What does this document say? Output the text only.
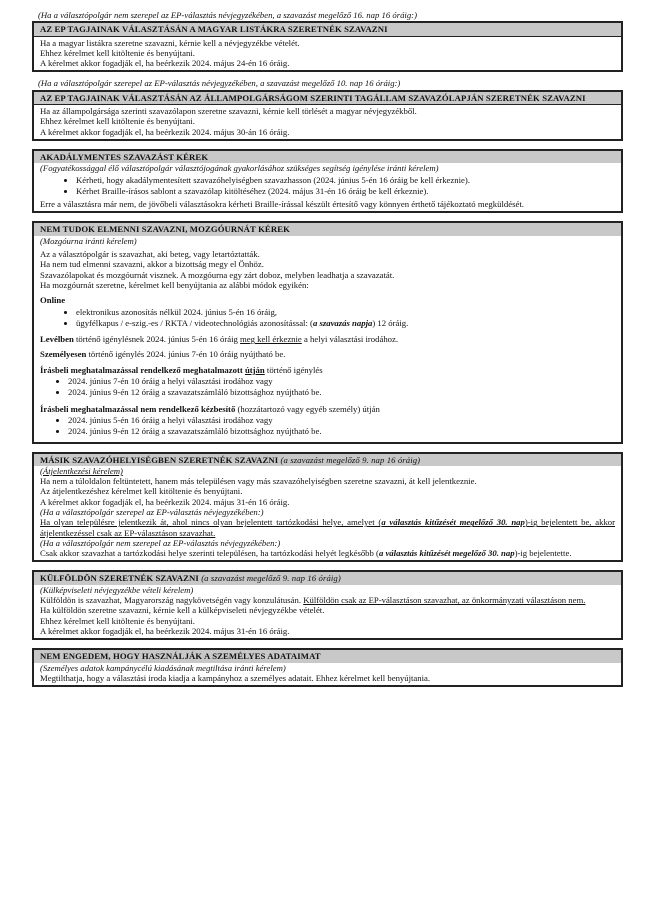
(Ha a választópolgár nem szerepel az EP-választás névjegyzékében, a szavazást megelőző 16. nap 16 óráig:)

AZ EP TAGJAINAK VÁLASZTÁSÁN A MAGYAR LISTÁKRA SZERETNÉK SZAVAZNI

Ha a magyar listákra szeretne szavazni, kérnie kell a névjegyzékbe vételét.

Ehhez kérelmet kell kitöltenie és benyújtani.

A kérelmet akkor fogadják el, ha beérkezik 2024. május 24-én 16 óráig.

(Ha a választópolgár szerepel az EP-választás névjegyzékében, a szavazást megelőző 10. nap 16 óráig:)

AZ EP TAGJAINAK VÁLASZTÁSÁN AZ ÁLLAMPOLGÁRSÁGOM SZERINTI TAGÁLLAM SZAVAZÓLAPJÁN SZERETNÉK SZAVAZNI

Ha az állampolgársága szerinti szavazólapon szeretne szavazni, kérnie kell törlését a magyar névjegyzékből.

Ehhez kérelmet kell kitöltenie és benyújtani.

A kérelmet akkor fogadják el, ha beérkezik 2024. május 30-án 16 óráig.

AKADÁLYMENTES SZAVAZÁST KÉREK

(Fogyatékossággal élő választópolgár választójogának gyakorlásához szükséges segítség igénylése iránti kérelem)

• Kérheti, hogy akadálymentesített szavazóhelyiségben szavazhasson (2024. június 5-én 16 óráig be kell érkeznie).
• Kérhet Braille-írásos sablont a szavazólap kitöltéséhez (2024. május 31-én 16 óráig be kell érkeznie).

Erre a választásra már nem, de jövőbeli választásokra kérheti Braille-írással készült értesítő vagy könnyen érthető tájékoztató megküldését.

NEM TUDOK ELMENNI SZAVAZNI, MOZGÓURNÁT KÉREK

(Mozgóurna iránti kérelem)

Az a választópolgár is szavazhat, aki beteg, vagy letartóztatták.

Ha nem tud elmenni szavazni, akkor a bizottság megy el Önhöz.

Szavazólapokat és mozgóurnát visznek. A mozgóurna egy zárt doboz, melyben leadhatja a szavazatát.

Ha mozgóurnát szeretne, kérelmet kell benyújtania az alábbi módok egyikén:

Online

• elektronikus azonosítás nélkül 2024. június 5-én 16 óráig,
• ügyfélkapus / e-szig.-es / RKTA / videotechnológiás azonosítással: (a szavazás napja) 12 óráig.

Levélben történő igénylésnek 2024. június 5-én 16 óráig meg kell érkeznie a helyi választási irodához.

Személyesen történő igénylés 2024. június 7-én 10 óráig nyújtható be.

Írásbeli meghatalmazással rendelkező meghatalmazott útján történő igénylés

• 2024. június 7-én 10 óráig a helyi választási irodához vagy
• 2024. június 9-én 12 óráig a szavazatszámláló bizottsághoz nyújtható be.

Írásbeli meghatalmazással nem rendelkező kézbesítő (hozzátartozó vagy egyéb személy) útján

• 2024. június 5-én 16 óráig a helyi választási irodához vagy
• 2024. június 9-én 12 óráig a szavazatszámláló bizottsághoz nyújtható be.
MÁSIK SZAVAZÓHELYISÉGBEN SZERETNÉK SZAVAZNI (a szavazást megelőző 9. nap 16 óráig)

(Átjelentkezési kérelem)

Ha nem a túloldalon feltüntetett, hanem más településen vagy más szavazóhelyiségben szeretne szavazni, át kell jelentkeznie.

Az átjelentkezéshez kérelmet kell kitöltenie és benyújtani.

A kérelmet akkor fogadják el, ha beérkezik 2024. május 31-én 16 óráig.

(Ha a választópolgár szerepel az EP-választás névjegyzékében:)

Ha olyan településre jelentkezik át, ahol nincs olyan bejelentett tartózkodási helye, amelyet (a választás kitűzését megelőző 30. nap)-ig bejelentett be, akkor átjelentkezéssel csak az EP-választáson szavazhat.

(Ha a választópolgár nem szerepel az EP-választás névjegyzékében:)

Csak akkor szavazhat a tartózkodási helye szerinti településen, ha tartózkodási helyét legkésőbb (a választás kitűzését megelőző 30. nap)-ig bejelentette.

KÜLFÖLDÖN SZERETNÉK SZAVAZNI (a szavazást megelőző 9. nap 16 óráig)

(Külképviseleti névjegyzékbe vételi kérelem)

Külföldön is szavazhat, Magyarország nagykövetségén vagy konzulátusán. Külföldön csak az EP-választáson szavazhat, az önkormányzati választáson nem.

Ha külföldön szeretne szavazni, kérnie kell a külképviseleti névjegyzékbe vételét.

Ehhez kérelmet kell kitöltenie és benyújtani.

A kérelmet akkor fogadják el, ha beérkezik 2024. május 31-én 16 óráig.

NEM ENGEDEM, HOGY HASZNÁLJÁK A SZEMÉLYES ADATAIMAT

(Személyes adatok kampánycélú kiadásának megtiltása iránti kérelem)

Megtilthatja, hogy a választási iroda kiadja a kampányhoz a személyes adatait. Ehhez kérelmet kell benyújtania.
